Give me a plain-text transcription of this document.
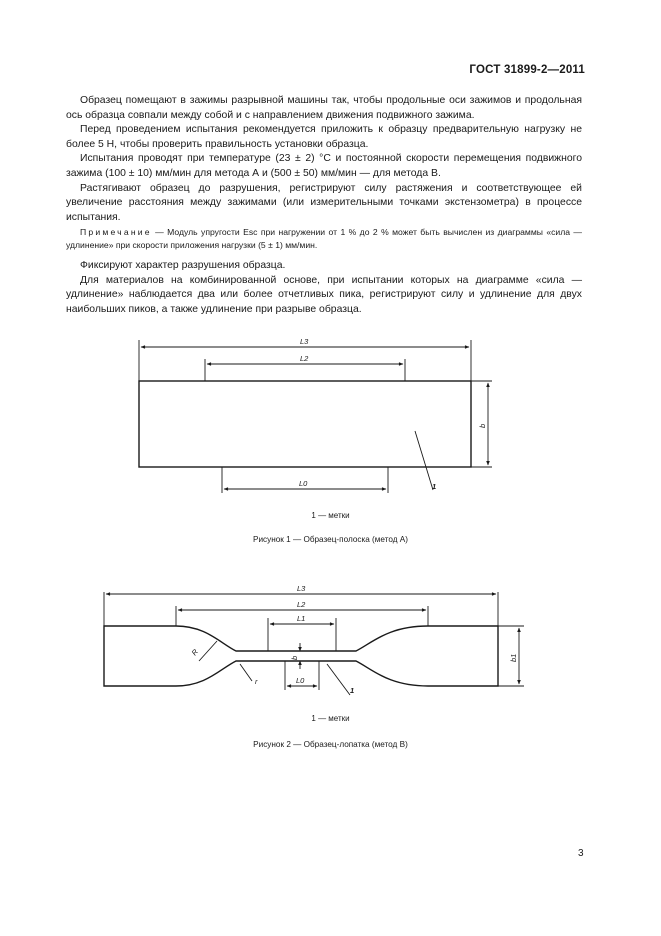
ГОСТ 31899-2—2011

Образец помещают в зажимы разрывной машины так, чтобы продольные оси зажимов и продольная ось образца совпали между собой и с направлением движения подвижного зажима.

Перед проведением испытания рекомендуется приложить к образцу предварительную нагрузку не более 5 Н, чтобы проверить правильность установки образца.

Испытания проводят при температуре (23 ± 2) °С и постоянной скорости перемещения подвижного зажима (100 ± 10) мм/мин для метода А и (500 ± 50) мм/мин — для метода В.

Растягивают образец до разрушения, регистрируют силу растяжения и соответствующее ей увеличение расстояния между зажимами (или измерительными точками экстензометра) в процессе испытания.

Примечание — Модуль упругости Esc при нагружении от 1 % до 2 % может быть вычислен из диаграммы «сила — удлинение» при скорости приложения нагрузки (5 ± 1) мм/мин.

Фиксируют характер разрушения образца.

Для материалов на комбинированной основе, при испытании которых на диаграмме «сила — удлинение» наблюдается два или более отчетливых пика, регистрируют силу и удлинение для двух наибольших пиков, а также удлинение при разрыве образца.

L3
L2
L0
b
1
L3
L2
L1
L0
b	b1
R
r
1
1 — метки
Рисунок 1 — Образец-полоска (метод А)
1 — метки
Рисунок 2 — Образец-лопатка (метод В)
3
